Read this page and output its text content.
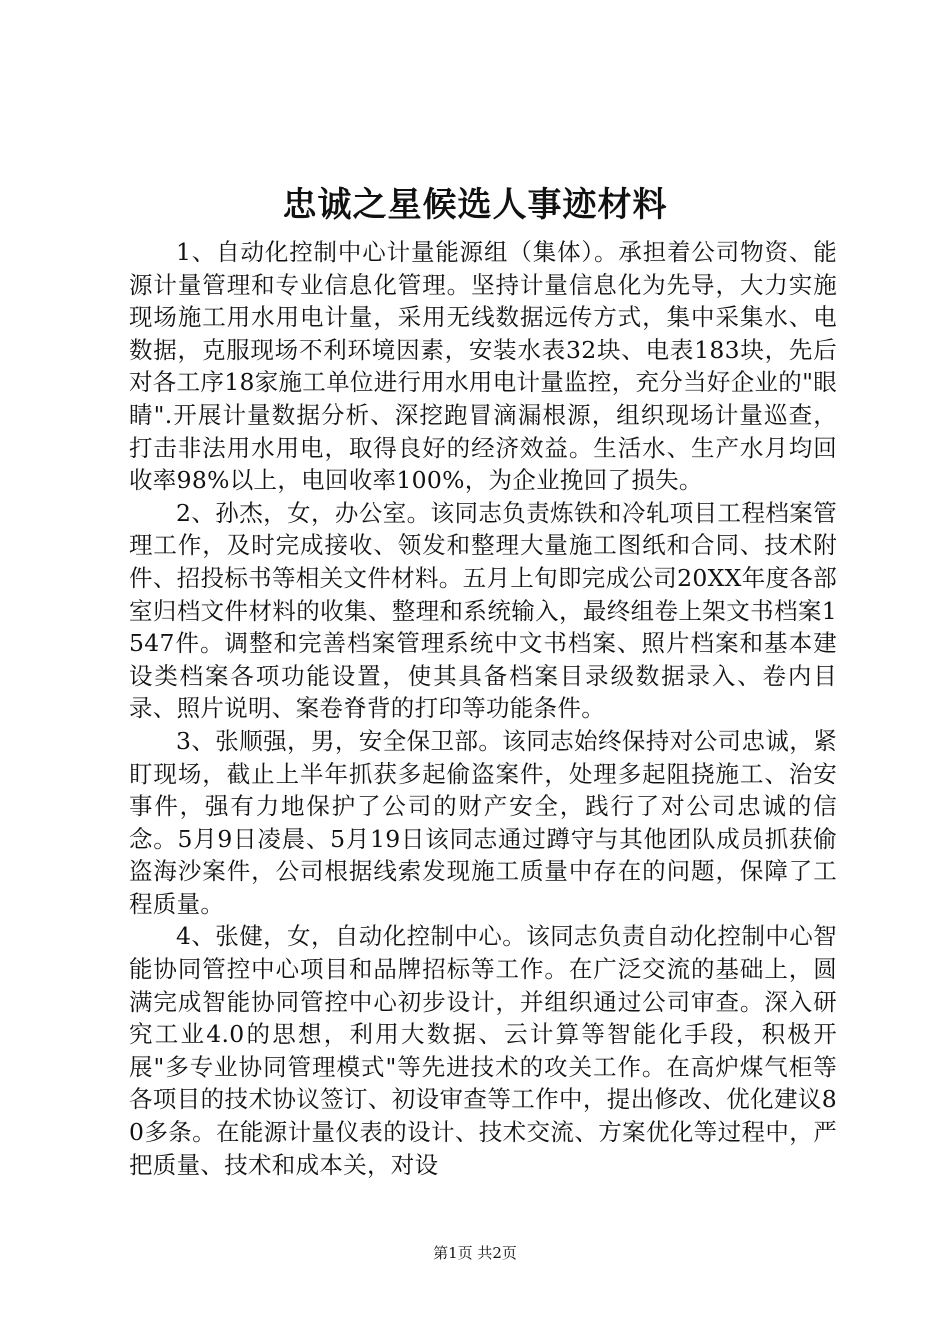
忠诚之星候选人事迹材料

1、自动化控制中心计量能源组（集体）。承担着公司物资、能源计量管理和专业信息化管理。坚持计量信息化为先导，大力实施现场施工用水用电计量，采用无线数据远传方式，集中采集水、电数据，克服现场不利环境因素，安装水表32块、电表183块，先后对各工序18家施工单位进行用水用电计量监控，充分当好企业的"眼睛".开展计量数据分析、深挖跑冒滴漏根源，组织现场计量巡查，打击非法用水用电，取得良好的经济效益。生活水、生产水月均回收率98%以上，电回收率100%，为企业挽回了损失。

2、孙杰，女，办公室。该同志负责炼铁和冷轧项目工程档案管理工作，及时完成接收、领发和整理大量施工图纸和合同、技术附件、招投标书等相关文件材料。五月上旬即完成公司20XX年度各部室归档文件材料的收集、整理和系统输入，最终组卷上架文书档案1547件。调整和完善档案管理系统中文书档案、照片档案和基本建设类档案各项功能设置，使其具备档案目录级数据录入、卷内目录、照片说明、案卷脊背的打印等功能条件。

3、张顺强，男，安全保卫部。该同志始终保持对公司忠诚，紧盯现场，截止上半年抓获多起偷盗案件，处理多起阻挠施工、治安事件，强有力地保护了公司的财产安全，践行了对公司忠诚的信念。5月9日凌晨、5月19日该同志通过蹲守与其他团队成员抓获偷盗海沙案件，公司根据线索发现施工质量中存在的问题，保障了工程质量。

4、张健，女，自动化控制中心。该同志负责自动化控制中心智能协同管控中心项目和品牌招标等工作。在广泛交流的基础上，圆满完成智能协同管控中心初步设计，并组织通过公司审查。深入研究工业4.0的思想，利用大数据、云计算等智能化手段，积极开展"多专业协同管理模式"等先进技术的攻关工作。在高炉煤气柜等各项目的技术协议签订、初设审查等工作中，提出修改、优化建议80多条。在能源计量仪表的设计、技术交流、方案优化等过程中，严把质量、技术和成本关，对设

第1页 共2页
